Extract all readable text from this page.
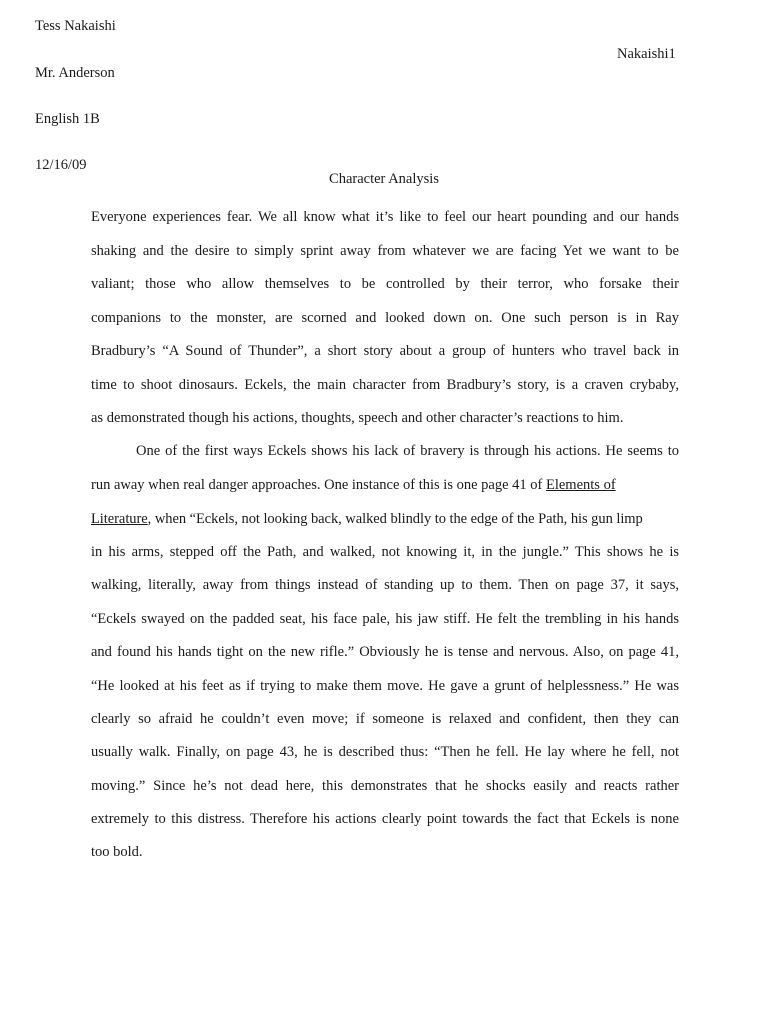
Tess Nakaishi
Nakaishi1
Mr. Anderson
English 1B
12/16/09
Character Analysis
Everyone experiences fear. We all know what it’s like to feel our heart pounding and our hands
shaking and the desire to simply sprint away from whatever we are facing Yet we want to be
valiant; those who allow themselves to be controlled by their terror, who forsake their
companions to the monster, are scorned and looked down on. One such person is in Ray
Bradbury’s “A Sound of Thunder”, a short story about a group of hunters who travel back in
time to shoot dinosaurs. Eckels, the main character from Bradbury’s story, is a craven crybaby,
as demonstrated though his actions, thoughts, speech and other character’s reactions to him.
One of the first ways Eckels shows his lack of bravery is through his actions. He seems to
run away when real danger approaches. One instance of this is one page 41 of Elements of
Literature, when “Eckels, not looking back, walked blindly to the edge of the Path, his gun limp
in his arms, stepped off the Path, and walked, not knowing it, in the jungle.” This shows he is
walking, literally, away from things instead of standing up to them. Then on page 37, it says,
“Eckels swayed on the padded seat, his face pale, his jaw stiff. He felt the trembling in his hands
and found his hands tight on the new rifle.” Obviously he is tense and nervous. Also, on page 41,
“He looked at his feet as if trying to make them move. He gave a grunt of helplessness.” He was
clearly so afraid he couldn’t even move; if someone is relaxed and confident, then they can
usually walk. Finally, on page 43, he is described thus: “Then he fell. He lay where he fell, not
moving.” Since he’s not dead here, this demonstrates that he shocks easily and reacts rather
extremely to this distress. Therefore his actions clearly point towards the fact that Eckels is none
too bold.
